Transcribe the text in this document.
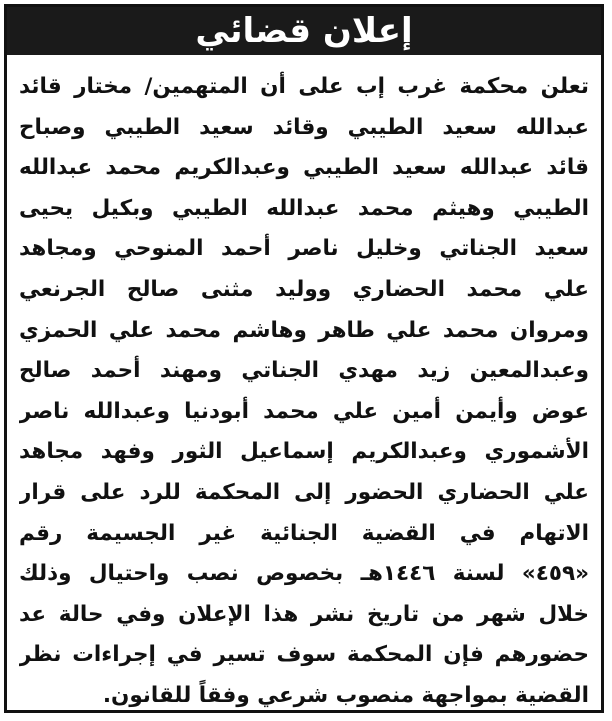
إعلان قضائي
تعلن محكمة غرب إب على أن المتهمين/ مختار قائد
عبدالله سعيد الطيبي وقائد سعيد الطيبي وصباح
قائد عبدالله سعيد الطيبي وعبدالكريم محمد عبدالله
الطيبي وهيثم محمد عبدالله الطيبي وبكيل يحيى
سعيد الجناتي وخليل ناصر أحمد المنوحي ومجاهد
علي محمد الحضاري ووليد مثنى صالح الجرنعي
ومروان محمد علي طاهر وهاشم محمد علي الحمزي
وعبدالمعين زيد مهدي الجناتي ومهند أحمد صالح
عوض وأيمن أمين علي محمد أبودنيا وعبدالله ناصر
الأشموري وعبدالكريم إسماعيل الثور وفهد مجاهد
علي الحضاري الحضور إلى المحكمة للرد على قرار
الاتهام في القضية الجنائية غير الجسيمة رقم
«٤٥٩» لسنة ١٤٤٦هـ بخصوص نصب واحتيال وذلك
خلال شهر من تاريخ نشر هذا الإعلان وفي حالة عد
حضورهم فإن المحكمة سوف تسير في إجراءات نظر
القضية بمواجهة منصوب شرعي وفقاً للقانون.
